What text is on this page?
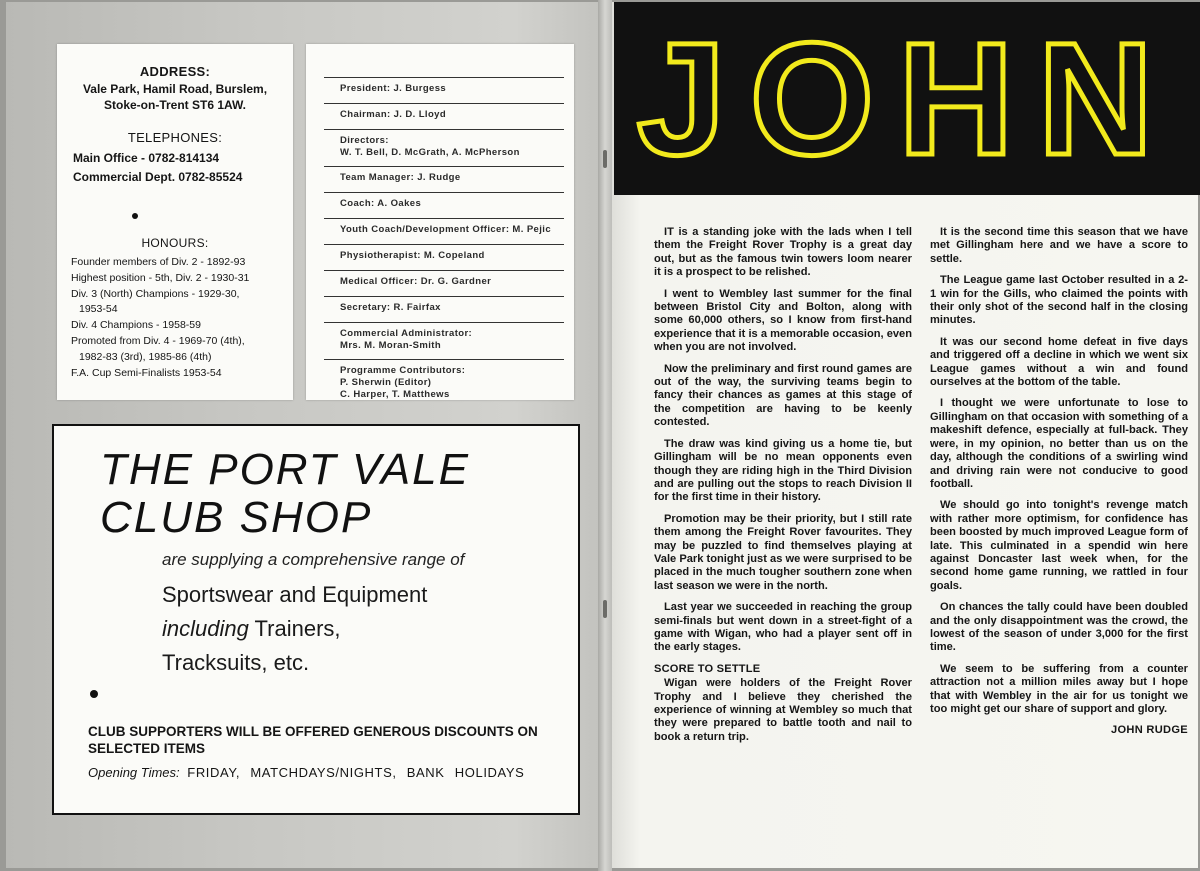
ADDRESS:
Vale Park, Hamil Road, Burslem,
Stoke-on-Trent ST6 1AW.
TELEPHONES:
Main Office - 0782-814134
Commercial Dept. 0782-85524
HONOURS:
Founder members of Div. 2 - 1892-93
Highest position - 5th, Div. 2 - 1930-31
Div. 3 (North) Champions - 1929-30,
1953-54
Div. 4 Champions - 1958-59
Promoted from Div. 4 - 1969-70 (4th),
1982-83 (3rd), 1985-86 (4th)
F.A. Cup Semi-Finalists 1953-54
President: J. Burgess
Chairman: J. D. Lloyd
Directors:
W. T. Bell, D. McGrath, A. McPherson
Team Manager: J. Rudge
Coach: A. Oakes
Youth Coach/Development Officer: M. Pejic
Physiotherapist: M. Copeland
Medical Officer: Dr. G. Gardner
Secretary: R. Fairfax
Commercial Administrator:
Mrs. M. Moran-Smith
Programme Contributors:
P. Sherwin (Editor)
C. Harper, T. Matthews
THE PORT VALE
CLUB SHOP
are supplying a comprehensive range of
Sportswear and Equipment
including Trainers,
Tracksuits, etc.
CLUB SUPPORTERS WILL BE OFFERED GENEROUS DISCOUNTS ON SELECTED ITEMS
Opening Times: FRIDAY, MATCHDAYS/NIGHTS, BANK HOLIDAYS
JOHN

IT is a standing joke with the lads when I tell them the Freight Rover Trophy is a great day out, but as the famous twin towers loom nearer it is a prospect to be relished.

I went to Wembley last summer for the final between Bristol City and Bolton, along with some 60,000 others, so I know from first-hand experience that it is a memorable occasion, even when you are not involved.

Now the preliminary and first round games are out of the way, the surviving teams begin to fancy their chances as games at this stage of the competition are having to be keenly contested.

The draw was kind giving us a home tie, but Gillingham will be no mean opponents even though they are riding high in the Third Division and are pulling out the stops to reach Division II for the first time in their history.

Promotion may be their priority, but I still rate them among the Freight Rover favourites. They may be puzzled to find themselves playing at Vale Park tonight just as we were surprised to be placed in the much tougher southern zone when last season we were in the north.

Last year we succeeded in reaching the group semi-finals but went down in a street-fight of a game with Wigan, who had a player sent off in the early stages.

SCORE TO SETTLE

Wigan were holders of the Freight Rover Trophy and I believe they cherished the experience of winning at Wembley so much that they were prepared to battle tooth and nail to book a return trip.

It is the second time this season that we have met Gillingham here and we have a score to settle.

The League game last October resulted in a 2-1 win for the Gills, who claimed the points with their only shot of the second half in the closing minutes.

It was our second home defeat in five days and triggered off a decline in which we went six League games without a win and found ourselves at the bottom of the table.

I thought we were unfortunate to lose to Gillingham on that occasion with something of a makeshift defence, especially at full-back. They were, in my opinion, no better than us on the day, although the conditions of a swirling wind and driving rain were not conducive to good football.

We should go into tonight's revenge match with rather more optimism, for confidence has been boosted by much improved League form of late. This culminated in a spendid win here against Doncaster last week when, for the second home game running, we rattled in four goals.

On chances the tally could have been doubled and the only disappointment was the crowd, the lowest of the season of under 3,000 for the first time.

We seem to be suffering from a counter attraction not a million miles away but I hope that with Wembley in the air for us tonight we too might get our share of support and glory.

JOHN RUDGE
